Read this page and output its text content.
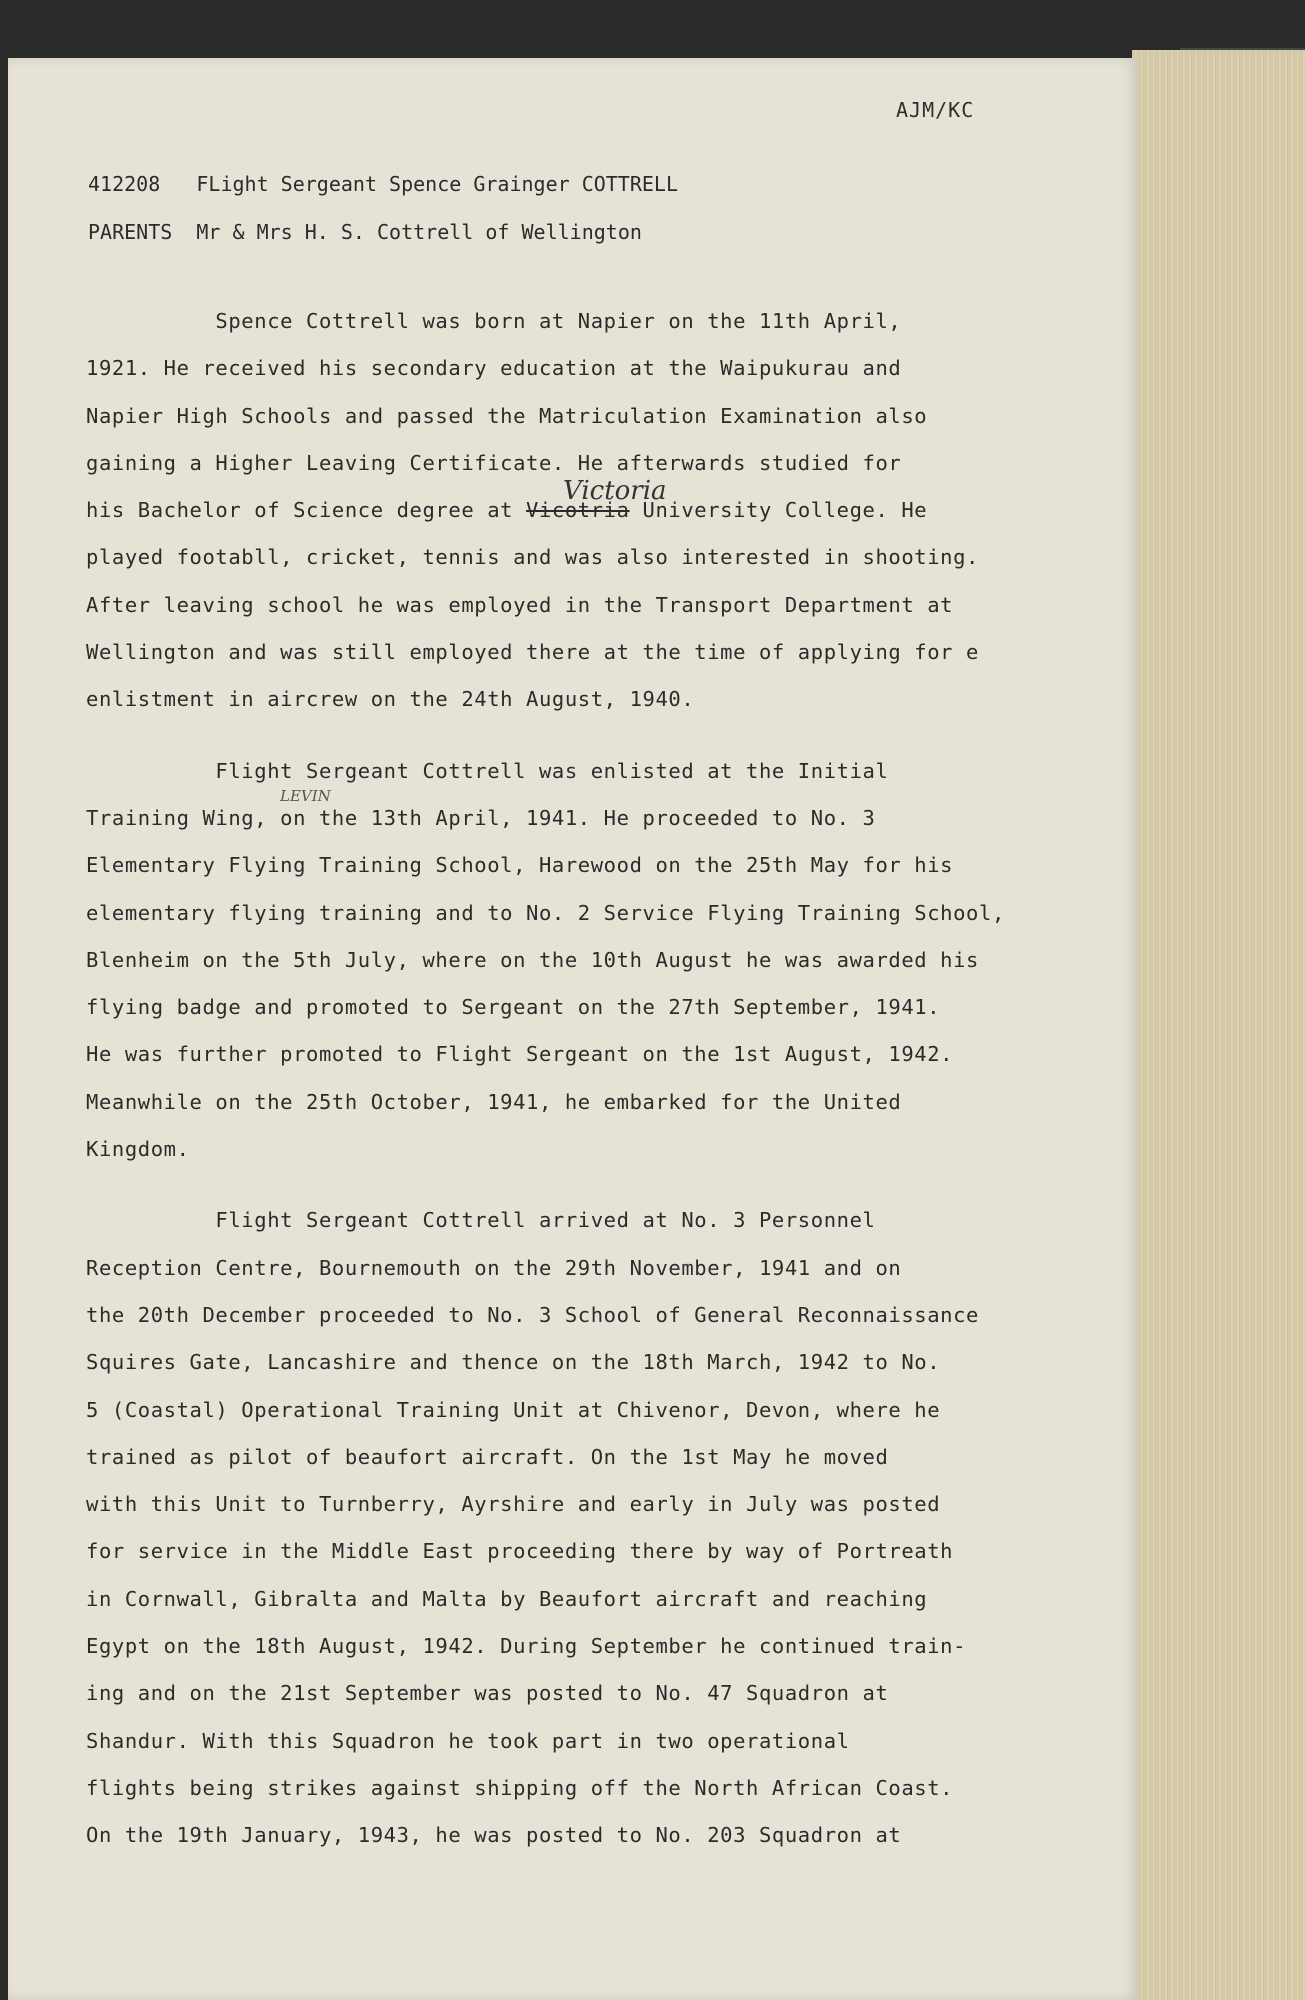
AJM/KC
412208 FLight Sergeant Spence Grainger COTTRELL
PARENTS Mr & Mrs H. S. Cottrell of Wellington
Victoria
LEVIN
Spence Cottrell was born at Napier on the 11th April,
1921. He received his secondary education at the Waipukurau and
Napier High Schools and passed the Matriculation Examination also
gaining a Higher Leaving Certificate. He afterwards studied for
his Bachelor of Science degree at Vicotria University College. He
played footabll, cricket, tennis and was also interested in shooting.
After leaving school he was employed in the Transport Department at
Wellington and was still employed there at the time of applying for e
enlistment in aircrew on the 24th August, 1940.
Flight Sergeant Cottrell was enlisted at the Initial
Training Wing, on the 13th April, 1941. He proceeded to No. 3
Elementary Flying Training School, Harewood on the 25th May for his
elementary flying training and to No. 2 Service Flying Training School,
Blenheim on the 5th July, where on the 10th August he was awarded his
flying badge and promoted to Sergeant on the 27th September, 1941.
He was further promoted to Flight Sergeant on the 1st August, 1942.
Meanwhile on the 25th October, 1941, he embarked for the United
Kingdom.
Flight Sergeant Cottrell arrived at No. 3 Personnel
Reception Centre, Bournemouth on the 29th November, 1941 and on
the 20th December proceeded to No. 3 School of General Reconnaissance
Squires Gate, Lancashire and thence on the 18th March, 1942 to No.
5 (Coastal) Operational Training Unit at Chivenor, Devon, where he
trained as pilot of beaufort aircraft. On the 1st May he moved
with this Unit to Turnberry, Ayrshire and early in July was posted
for service in the Middle East proceeding there by way of Portreath
in Cornwall, Gibralta and Malta by Beaufort aircraft and reaching
Egypt on the 18th August, 1942. During September he continued train-
ing and on the 21st September was posted to No. 47 Squadron at
Shandur. With this Squadron he took part in two operational
flights being strikes against shipping off the North African Coast.
On the 19th January, 1943, he was posted to No. 203 Squadron at
